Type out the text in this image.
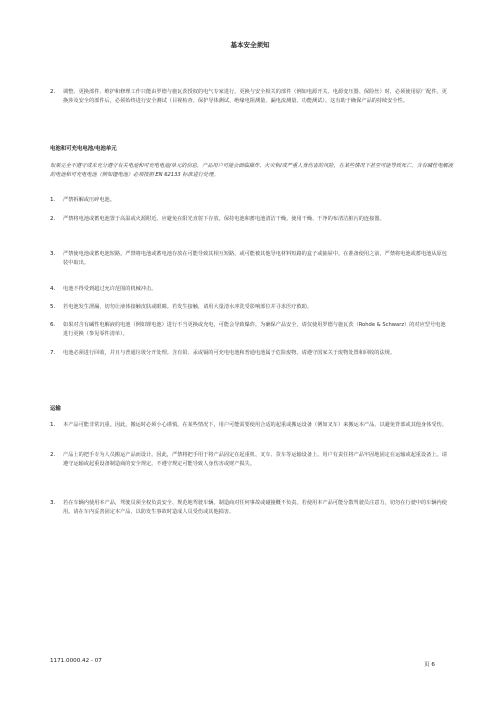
基本安全须知
2. 调整、更换部件、维护和修理工作只能由罗德与施瓦茨授权的电气专家进行。更换与安全相关的部件（例如电源开关、电源变压器、保险丝）时，必须使用原厂配件。更换涉及安全的部件后，必须始终进行安全测试（目视检查、保护导体测试、绝缘电阻测量、漏电流测量、功能测试）。这有助于确保产品的持续安全性。
电池和可充电电池/电池单元
如果完全不遵守或未充分遵守有关电池和可充电电池/单元的信息，产品用户可能会面临爆炸、火灾和/或严重人身伤害的风险，在某些情况下甚至可能导致死亡。含有碱性电解液的电池和可充电电池（例如锂电池）必须按照 EN 62133 标准进行处理。
1. 严禁拆解或压碎电池。
2. 严禁将电池或蓄电池置于高温或火源附近。应避免在阳光直射下存放。保持电池和蓄电池清洁干燥。使用干燥、干净的布清洁脏污的连接器。
3. 严禁使电池或蓄电池短路。严禁将电池或蓄电池存放在可能导致其相互短路，或可能被其他导电材料短路的盒子或抽屉中。在准备使用之前，严禁将电池或蓄电池从原包装中取出。
4. 电池不得受到超过允许范围的机械冲击。
5. 若电池发生泄漏，切勿让液体接触皮肤或眼睛。若发生接触，请用大量清水冲洗受影响部位并寻求医疗救助。
6. 如果对含有碱性电解液的电池（例如锂电池）进行不当更换或充电，可能会导致爆炸。为确保产品安全，请仅使用罗德与施瓦茨（Rohde & Schwarz）的对应型号电池进行更换（参见零件清单）。
7. 电池必须进行回收，并且与普通垃圾分开处理。含有铅、汞或镉的可充电电池和普通电池属于危险废物。请遵守国家关于废物处置和回收的法规。
运输
1. 本产品可能非常沉重。因此，搬运时必须小心谨慎。在某些情况下，用户可能需要使用合适的起重或搬运设备（例如叉车）来搬运本产品，以避免背部或其他身体受伤。
2. 产品上的把手专为人员搬运产品而设计。因此，严禁将把手用于将产品固定在起重机、叉车、货车等运输设备上。用户有责任将产品牢固地固定在运输或起重设备上。请遵守运输或起重设备制造商的安全规定。不遵守规定可能导致人身伤害或财产损失。
3. 若在车辆内使用本产品，驾驶员须全权负责安全、规范地驾驶车辆。制造商对任何事故或碰撞概不负责。若使用本产品可能分散驾驶员注意力，切勿在行驶中的车辆内使用。请在车内妥善固定本产品，以防发生事故时造成人员受伤或其他损害。
1171.0000.42 - 07
页 6
